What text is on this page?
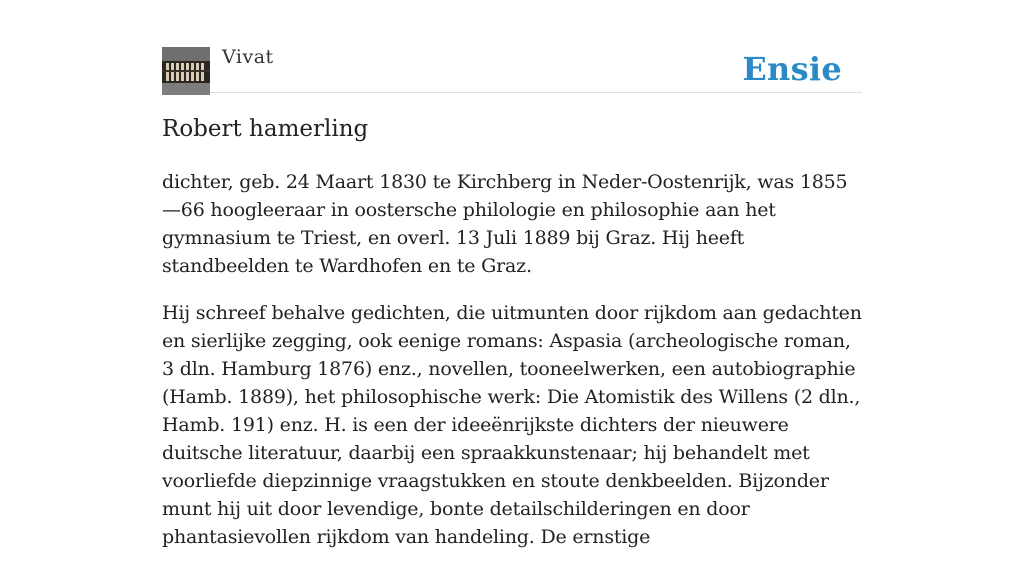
Vivat	Ensie
Robert hamerling

dichter, geb. 24 Maart 1830 te Kirchberg in Neder-Oostenrijk, was 1855—66 hoogleeraar in oostersche philologie en philosophie aan het gymnasium te Triest, en overl. 13 Juli 1889 bij Graz. Hij heeft standbeelden te Wardhofen en te Graz.

Hij schreef behalve gedichten, die uitmunten door rijkdom aan gedachten en sierlijke zegging, ook eenige romans: Aspasia (archeologische roman, 3 dln. Hamburg 1876) enz., novellen, tooneelwerken, een autobiographie (Hamb. 1889), het philosophische werk: Die Atomistik des Willens (2 dln., Hamb. 191) enz. H. is een der ideeënrijkste dichters der nieuwere duitsche literatuur, daarbij een spraakkunstenaar; hij behandelt met voorliefde diepzinnige vraagstukken en stoute denkbeelden. Bijzonder munt hij uit door levendige, bonte detailschilderingen en door phantasievollen rijkdom van handeling. De ernstige
